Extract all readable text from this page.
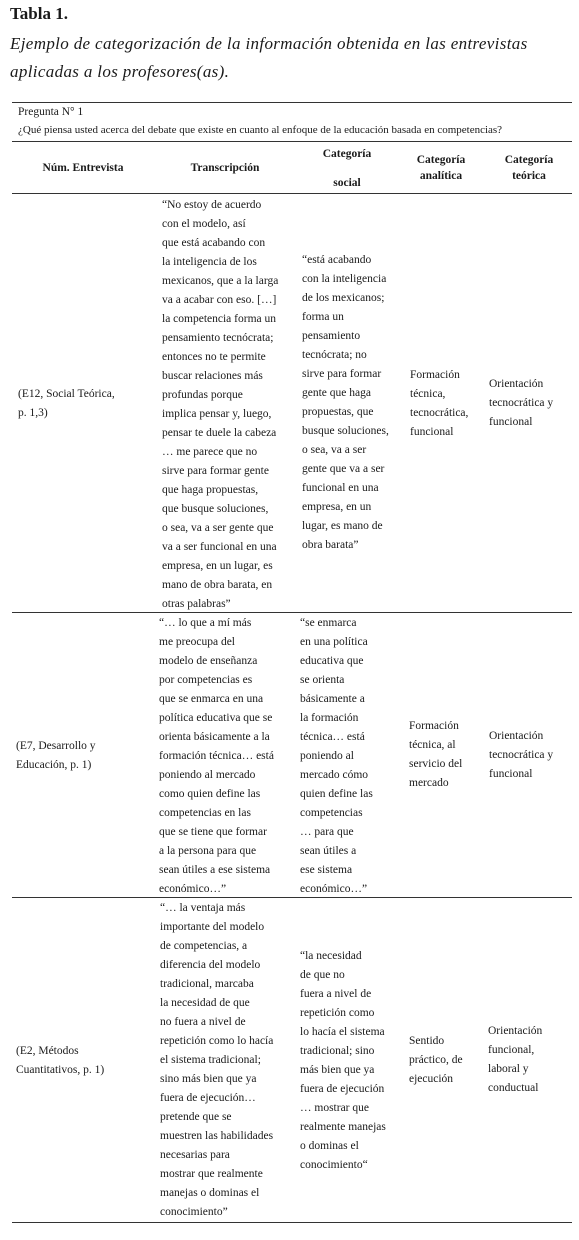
Tabla 1.
Ejemplo de categorización de la información obtenida en las entrevistas aplicadas a los profesores(as).
Pregunta N° 1
¿Qué piensa usted acerca del debate que existe en cuanto al enfoque de la educación basada en competencias?
Núm. Entrevista	Transcripción
Categoría
social
Categoría
analítica
Categoría
teórica
(E12, Social Teórica,
p. 1,3)
“No estoy de acuerdo
con el modelo, así
que está acabando con
la inteligencia de los
mexicanos, que a la larga
va a acabar con eso. […]
la competencia forma un
pensamiento tecnócrata;
entonces no te permite
buscar relaciones más
profundas porque
implica pensar y, luego,
pensar te duele la cabeza
… me parece que no
sirve para formar gente
que haga propuestas,
que busque soluciones,
o sea, va a ser gente que
va a ser funcional en una
empresa, en un lugar, es
mano de obra barata, en
otras palabras”
“está acabando
con la inteligencia
de los mexicanos;
forma un
pensamiento
tecnócrata; no
sirve para formar
gente que haga
propuestas, que
busque soluciones,
o sea, va a ser
gente que va a ser
funcional en una
empresa, en un
lugar, es mano de
obra barata”
Formación
técnica,
tecnocrática,
funcional
Orientación
tecnocrática y
funcional
(E7, Desarrollo y
Educación, p. 1)
“… lo que a mí más
me preocupa del
modelo de enseñanza
por competencias es
que se enmarca en una
política educativa que se
orienta básicamente a la
formación técnica… está
poniendo al mercado
como quien define las
competencias en las
que se tiene que formar
a la persona para que
sean útiles a ese sistema
económico…”
“se enmarca
en una política
educativa que
se orienta
básicamente a
la formación
técnica… está
poniendo al
mercado cómo
quien define las
competencias
… para que
sean útiles a
ese sistema
económico…”
Formación
técnica, al
servicio del
mercado
Orientación
tecnocrática y
funcional
(E2, Métodos
Cuantitativos, p. 1)
“… la ventaja más
importante del modelo
de competencias, a
diferencia del modelo
tradicional, marcaba
la necesidad de que
no fuera a nivel de
repetición como lo hacía
el sistema tradicional;
sino más bien que ya
fuera de ejecución…
pretende que se
muestren las habilidades
necesarias para
mostrar que realmente
manejas o dominas el
conocimiento”
“la necesidad
de que no
fuera a nivel de
repetición como
lo hacía el sistema
tradicional; sino
más bien que ya
fuera de ejecución
… mostrar que
realmente manejas
o dominas el
conocimiento“
Sentido
práctico, de
ejecución
Orientación
funcional,
laboral y
conductual
